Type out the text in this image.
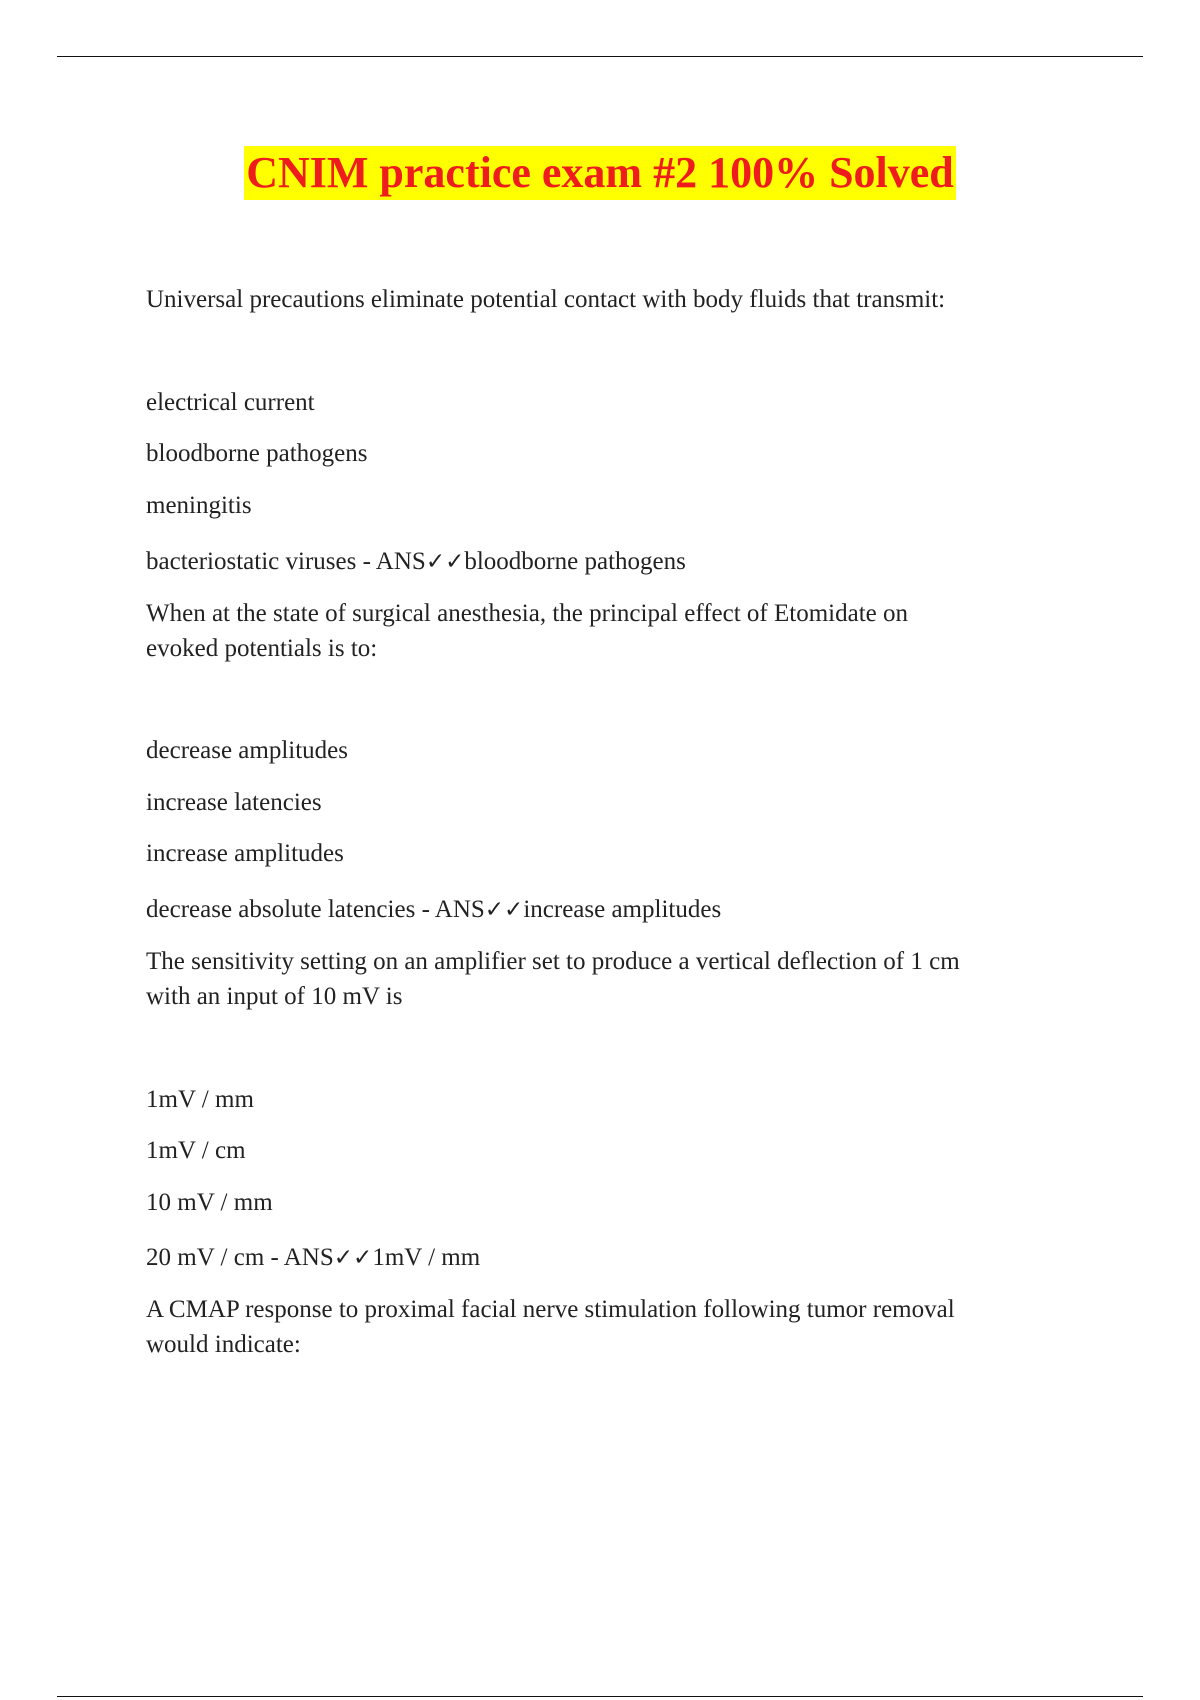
CNIM practice exam #2 100% Solved
Universal precautions eliminate potential contact with body fluids that transmit:
electrical current
bloodborne pathogens
meningitis
bacteriostatic viruses - ANS✓✓bloodborne pathogens
When at the state of surgical anesthesia, the principal effect of Etomidate on
evoked potentials is to:
decrease amplitudes
increase latencies
increase amplitudes
decrease absolute latencies - ANS✓✓increase amplitudes
The sensitivity setting on an amplifier set to produce a vertical deflection of 1 cm
with an input of 10 mV is
1mV / mm
1mV / cm
10 mV / mm
20 mV / cm - ANS✓✓1mV / mm
A CMAP response to proximal facial nerve stimulation following tumor removal
would indicate:
